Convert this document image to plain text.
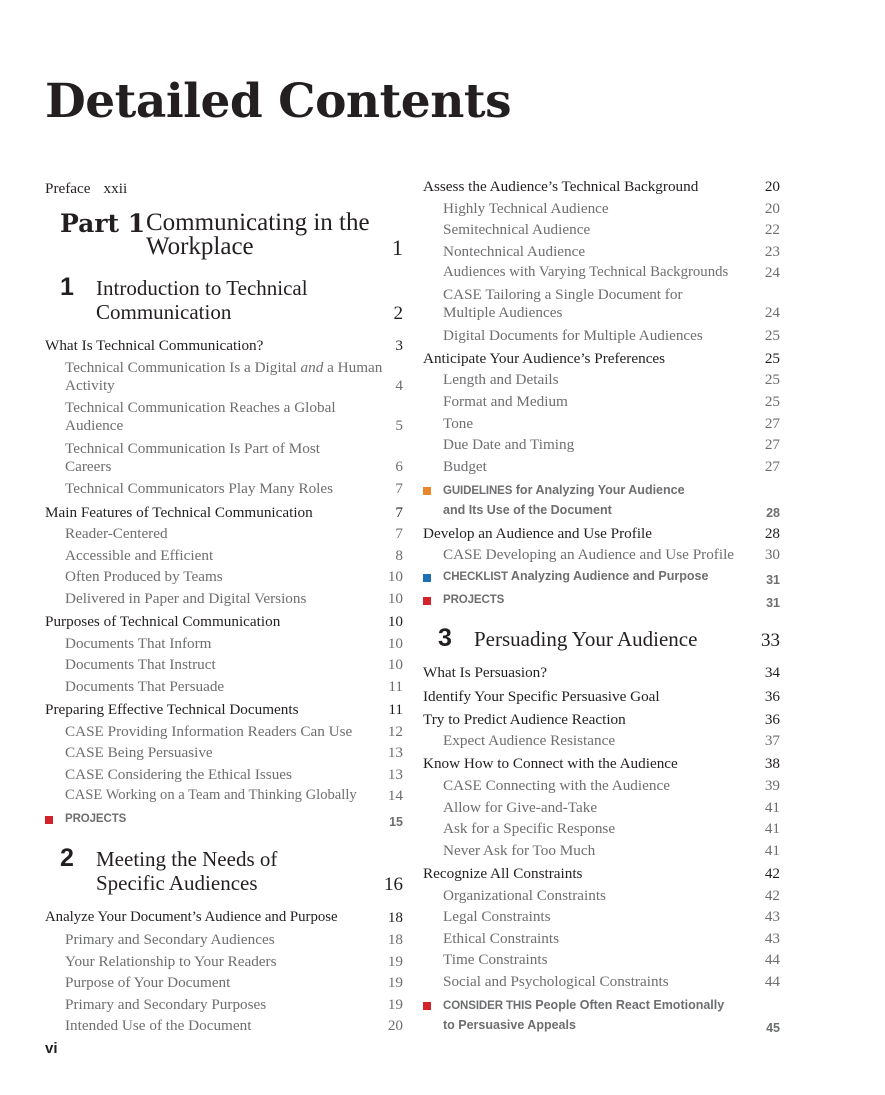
Detailed Contents
Preface xxii
Part 1 Communicating in the Workplace	1
1 Introduction to Technical Communication	2
What Is Technical Communication?	3
Technical Communication Is a Digital and a Human Activity	4
Technical Communication Reaches a Global Audience	5
Technical Communication Is Part of Most Careers	6
Technical Communicators Play Many Roles	7
Main Features of Technical Communication	7
Reader-Centered	7
Accessible and Efficient	8
Often Produced by Teams	10
Delivered in Paper and Digital Versions	10
Purposes of Technical Communication	10
Documents That Inform	10
Documents That Instruct	10
Documents That Persuade	11
Preparing Effective Technical Documents	11
CASE Providing Information Readers Can Use 12
CASE Being Persuasive	13
CASE Considering the Ethical Issues	13
CASE Working on a Team and Thinking Globally 14
PROJECTS	15
2 Meeting the Needs of Specific Audiences	16
Analyze Your Document’s Audience and Purpose	18
Primary and Secondary Audiences	18
Your Relationship to Your Readers	19
Purpose of Your Document	19
Primary and Secondary Purposes	19
Intended Use of the Document	20
Assess the Audience’s Technical Background	20
Highly Technical Audience	20
Semitechnical Audience	22
Nontechnical Audience	23
Audiences with Varying Technical Backgrounds 24
CASE Tailoring a Single Document for Multiple Audiences	24
Digital Documents for Multiple Audiences	25
Anticipate Your Audience’s Preferences	25
Length and Details	25
Format and Medium	25
Tone	27
Due Date and Timing	27
Budget	27
GUIDELINES for Analyzing Your Audience
and Its Use of the Document	28
Develop an Audience and Use Profile	28
CASE Developing an Audience and Use Profile 30
CHECKLIST Analyzing Audience and Purpose	31
PROJECTS	31
3 Persuading Your Audience	33
What Is Persuasion?	34
Identify Your Specific Persuasive Goal	36
Try to Predict Audience Reaction	36
Expect Audience Resistance	37
Know How to Connect with the Audience	38
CASE Connecting with the Audience	39
Allow for Give-and-Take	41
Ask for a Specific Response	41
Never Ask for Too Much	41
Recognize All Constraints	42
Organizational Constraints	42
Legal Constraints	43
Ethical Constraints	43
Time Constraints	44
Social and Psychological Constraints	44
CONSIDER THIS People Often React Emotionally
to Persuasive Appeals	45
vi
